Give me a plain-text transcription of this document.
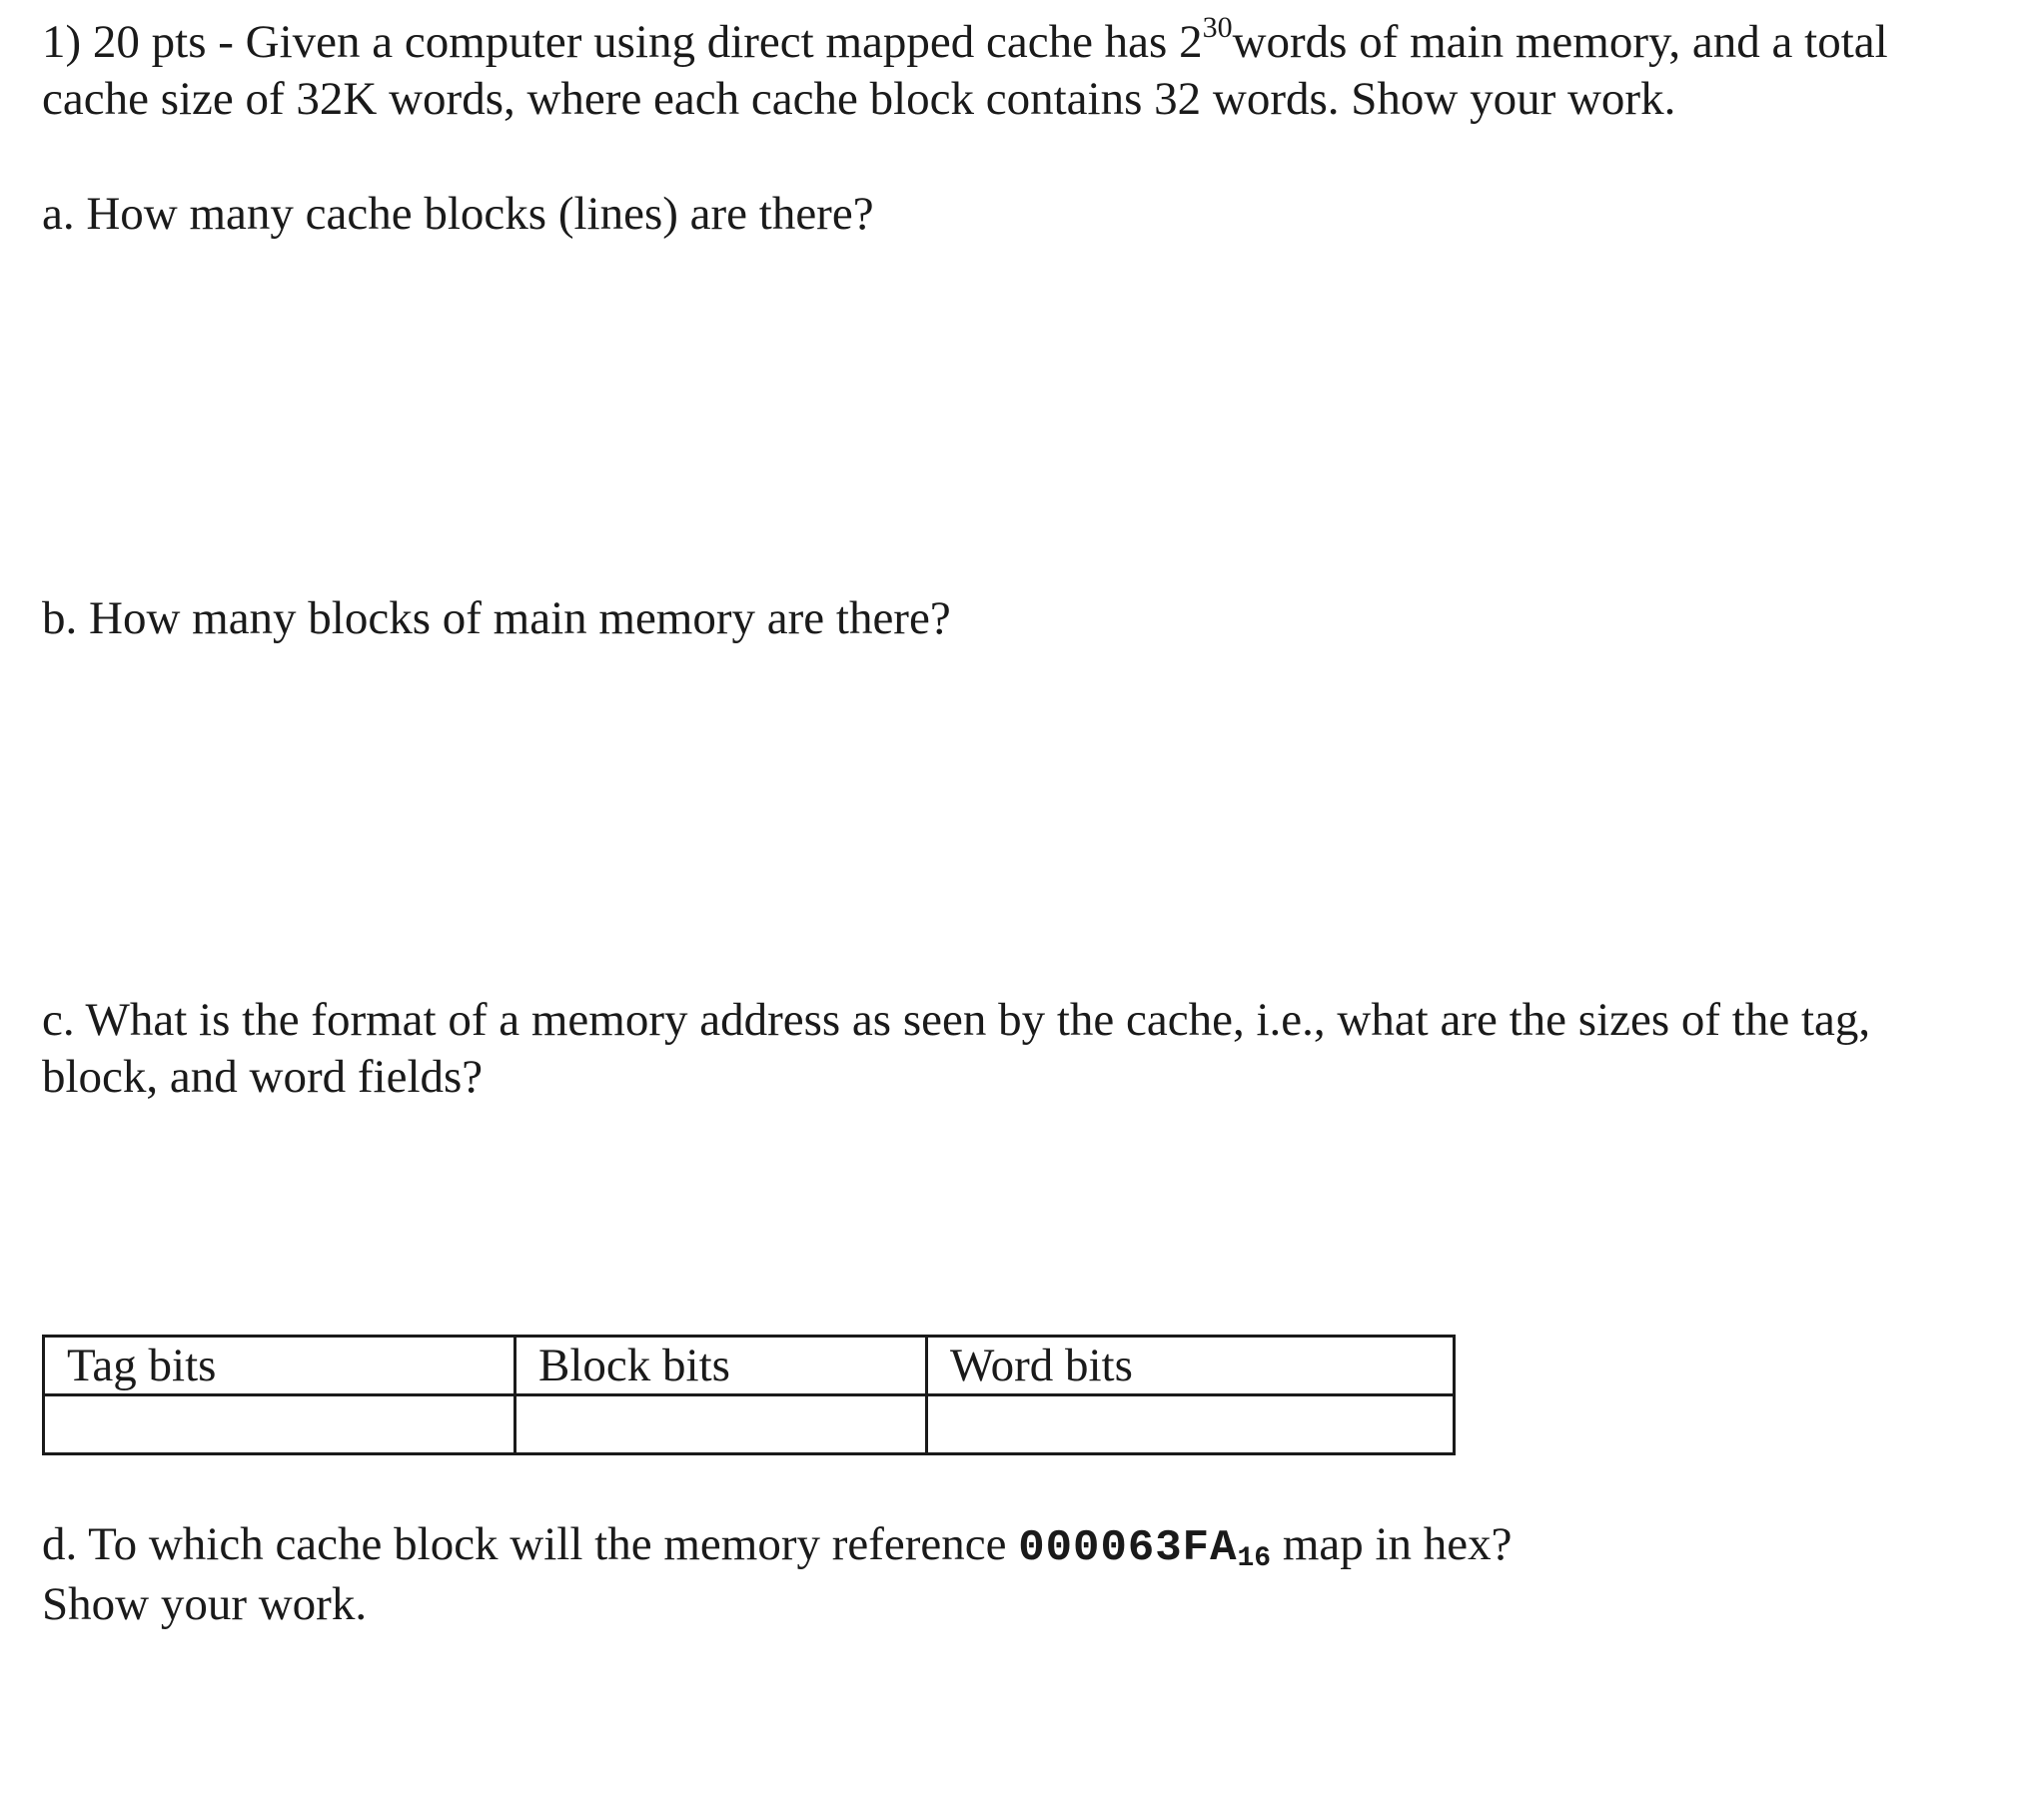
1) 20 pts - Given a computer using direct mapped cache has $2^{30}words$ of main memory, and a total

cache size of 32K words, where each cache block contains 32 words. Show your work.

a. How many cache blocks (lines) are there?

b. How many blocks of main memory are there?

c. What is the format of a memory address as seen by the cache, i.e., what are the sizes of the tag,

block, and word fields?

Tag bits	Block bits	Word bits

d. To which cache block will the memory reference $000063FA_{16}$ map in hex?

Show your work.
